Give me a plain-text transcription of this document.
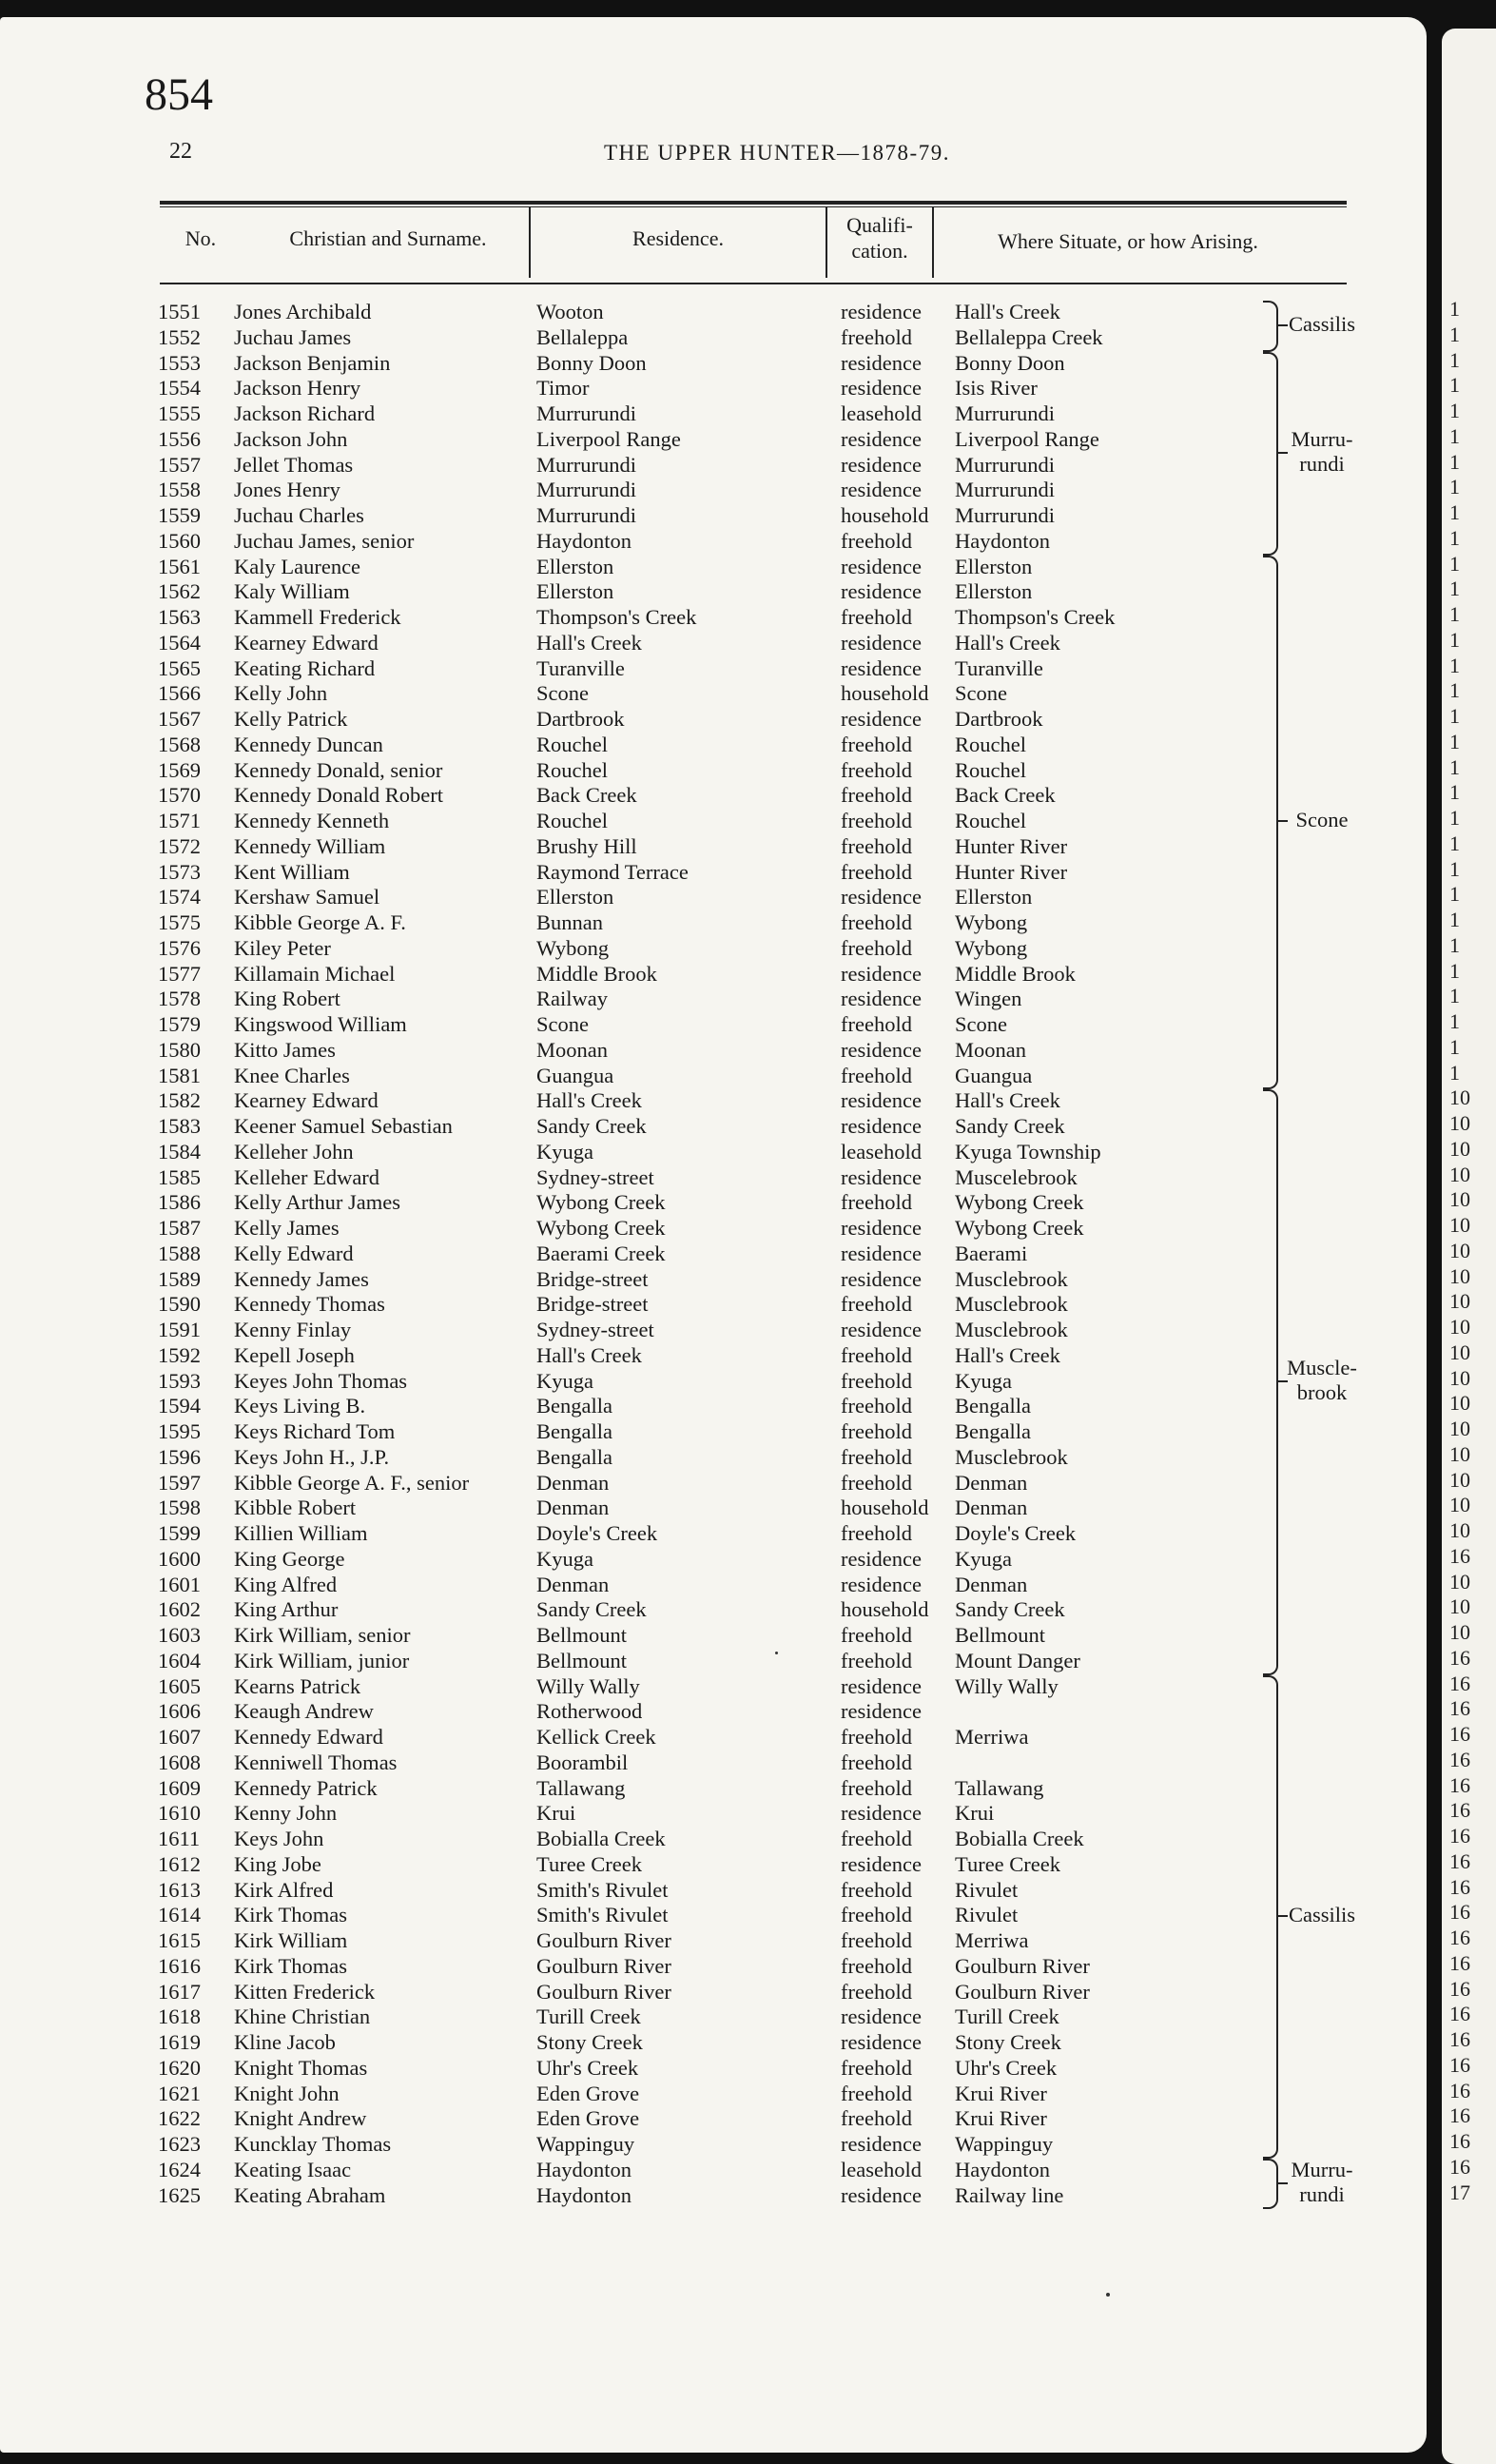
854
22	THE UPPER HUNTER—1878-79.
No.	Christian and Surname.	Residence.
Qualifi-
cation.	Where Situate, or how Arising.
1551 Jones Archibald	Wooton	residence Hall's Creek
1552 Juchau James	Bellaleppa	freehold Bellaleppa Creek
1553 Jackson Benjamin	Bonny Doon	residence Bonny Doon
1554 Jackson Henry	Timor	residence Isis River
1555 Jackson Richard	Murrurundi	leasehold Murrurundi
1556 Jackson John	Liverpool Range	residence Liverpool Range
1557 Jellet Thomas	Murrurundi	residence Murrurundi
1558 Jones Henry	Murrurundi	residence Murrurundi
1559 Juchau Charles	Murrurundi	household Murrurundi
1560 Juchau James, senior	Haydonton	freehold Haydonton
1561 Kaly Laurence	Ellerston	residence Ellerston
1562 Kaly William	Ellerston	residence Ellerston
1563 Kammell Frederick	Thompson's Creek	freehold Thompson's Creek
1564 Kearney Edward	Hall's Creek	residence Hall's Creek
1565 Keating Richard	Turanville	residence Turanville
1566 Kelly John	Scone	household Scone
1567 Kelly Patrick	Dartbrook	residence Dartbrook
1568 Kennedy Duncan	Rouchel	freehold Rouchel
1569 Kennedy Donald, senior	Rouchel	freehold Rouchel
1570 Kennedy Donald Robert	Back Creek	freehold Back Creek
1571 Kennedy Kenneth	Rouchel	freehold Rouchel
1572 Kennedy William	Brushy Hill	freehold Hunter River
1573 Kent William	Raymond Terrace	freehold Hunter River
1574 Kershaw Samuel	Ellerston	residence Ellerston
1575 Kibble George A. F.	Bunnan	freehold Wybong
1576 Kiley Peter	Wybong	freehold Wybong
1577 Killamain Michael	Middle Brook	residence Middle Brook
1578 King Robert	Railway	residence Wingen
1579 Kingswood William	Scone	freehold Scone
1580 Kitto James	Moonan	residence Moonan
1581 Knee Charles	Guangua	freehold Guangua
1582 Kearney Edward	Hall's Creek	residence Hall's Creek
1583 Keener Samuel Sebastian	Sandy Creek	residence Sandy Creek
1584 Kelleher John	Kyuga	leasehold Kyuga Township
1585 Kelleher Edward	Sydney-street	residence Muscelebrook
1586 Kelly Arthur James	Wybong Creek	freehold Wybong Creek
1587 Kelly James	Wybong Creek	residence Wybong Creek
1588 Kelly Edward	Baerami Creek	residence Baerami
1589 Kennedy James	Bridge-street	residence Musclebrook
1590 Kennedy Thomas	Bridge-street	freehold Musclebrook
1591 Kenny Finlay	Sydney-street	residence Musclebrook
1592 Kepell Joseph	Hall's Creek	freehold Hall's Creek
1593 Keyes John Thomas	Kyuga	freehold Kyuga
1594 Keys Living B.	Bengalla	freehold Bengalla
1595 Keys Richard Tom	Bengalla	freehold Bengalla
1596 Keys John H., J.P.	Bengalla	freehold Musclebrook
1597 Kibble George A. F., senior	Denman	freehold Denman
1598 Kibble Robert	Denman	household Denman
1599 Killien William	Doyle's Creek	freehold Doyle's Creek
1600 King George	Kyuga	residence Kyuga
1601 King Alfred	Denman	residence Denman
1602 King Arthur	Sandy Creek	household Sandy Creek
1603 Kirk William, senior	Bellmount	freehold Bellmount
1604 Kirk William, junior	Bellmount	freehold Mount Danger
1605 Kearns Patrick	Willy Wally	residence Willy Wally
1606 Keaugh Andrew	Rotherwood	residence
1607 Kennedy Edward	Kellick Creek	freehold Merriwa
1608 Kenniwell Thomas	Boorambil	freehold
1609 Kennedy Patrick	Tallawang	freehold Tallawang
1610 Kenny John	Krui	residence Krui
1611 Keys John	Bobialla Creek	freehold Bobialla Creek
1612 King Jobe	Turee Creek	residence Turee Creek
1613 Kirk Alfred	Smith's Rivulet	freehold Rivulet
1614 Kirk Thomas	Smith's Rivulet	freehold Rivulet
1615 Kirk William	Goulburn River	freehold Merriwa
1616 Kirk Thomas	Goulburn River	freehold Goulburn River
1617 Kitten Frederick	Goulburn River	freehold Goulburn River
1618 Khine Christian	Turill Creek	residence Turill Creek
1619 Kline Jacob	Stony Creek	residence Stony Creek
1620 Knight Thomas	Uhr's Creek	freehold Uhr's Creek
1621 Knight John	Eden Grove	freehold Krui River
1622 Knight Andrew	Eden Grove	freehold Krui River
1623 Kuncklay Thomas	Wappinguy	residence Wappinguy
1624 Keating Isaac	Haydonton	leasehold Haydonton
1625 Keating Abraham	Haydonton	residence Railway line
Cassilis
Murru-
rundi
Scone
Muscle-
brook
Cassilis
Murru-
rundi
1
1
1
1
1
1
1
1
1
1
1
1
1
1
1
1
1
1
1
1
1
1
1
1
1
1
1
1
1
1
1
10
10
10
10
10
10
10
10
10
10
10
10
10
10
10
10
10
10
16
10
10
10
16
16
16
16
16
16
16
16
16
16
16
16
16
16
16
16
16
16
16
16
16
17
